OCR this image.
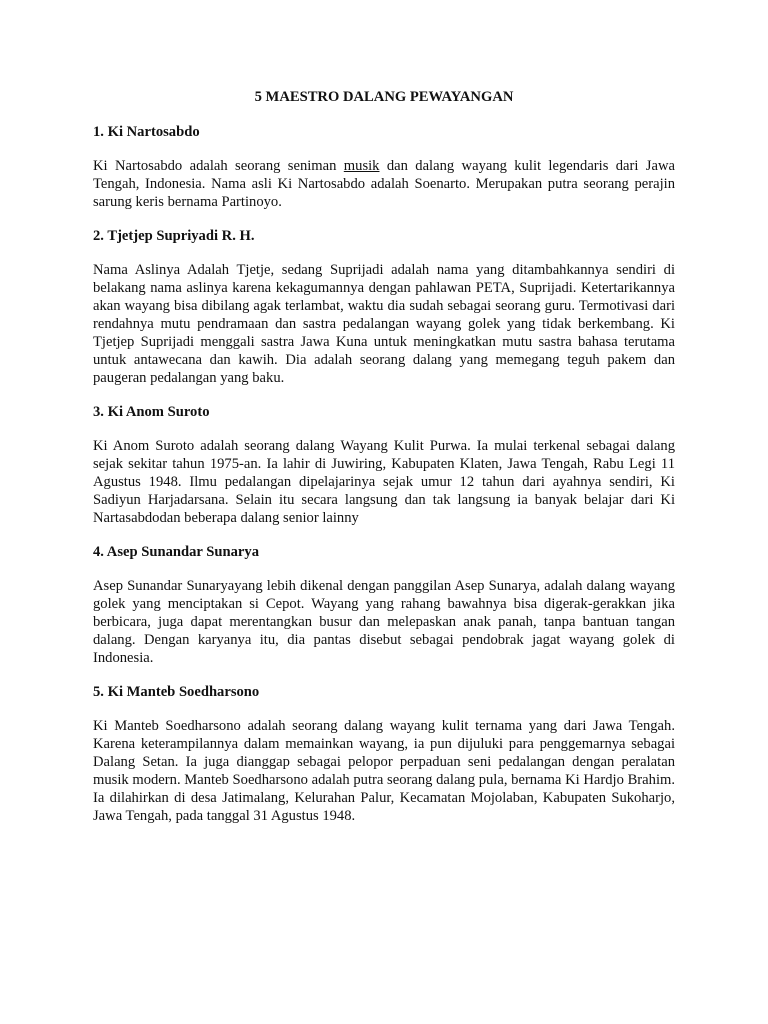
5 MAESTRO DALANG PEWAYANGAN
1. Ki Nartosabdo
Ki Nartosabdo adalah seorang seniman musik dan dalang wayang kulit legendaris dari Jawa Tengah, Indonesia. Nama asli Ki Nartosabdo adalah Soenarto. Merupakan putra seorang perajin sarung keris bernama Partinoyo.
2. Tjetjep Supriyadi R. H.
Nama Aslinya Adalah Tjetje, sedang Suprijadi adalah nama yang ditambahkannya sendiri di belakang nama aslinya karena kekagumannya dengan pahlawan PETA, Suprijadi. Ketertarikannya akan wayang bisa dibilang agak terlambat, waktu dia sudah sebagai seorang guru. Termotivasi dari rendahnya mutu pendramaan dan sastra pedalangan wayang golek yang tidak berkembang. Ki Tjetjep Suprijadi menggali sastra Jawa Kuna untuk meningkatkan mutu sastra bahasa terutama untuk antawecana dan kawih. Dia adalah seorang dalang yang memegang teguh pakem dan paugeran pedalangan yang baku.
3. Ki Anom Suroto
Ki Anom Suroto adalah seorang dalang Wayang Kulit Purwa. Ia mulai terkenal sebagai dalang sejak sekitar tahun 1975-an. Ia lahir di Juwiring, Kabupaten Klaten, Jawa Tengah, Rabu Legi 11 Agustus 1948. Ilmu pedalangan dipelajarinya sejak umur 12 tahun dari ayahnya sendiri, Ki Sadiyun Harjadarsana. Selain itu secara langsung dan tak langsung ia banyak belajar dari Ki Nartasabdodan beberapa dalang senior lainny
4. Asep Sunandar Sunarya
Asep Sunandar Sunaryayang lebih dikenal dengan panggilan Asep Sunarya, adalah dalang wayang golek yang menciptakan si Cepot. Wayang yang rahang bawahnya bisa digerak-gerakkan jika berbicara, juga dapat merentangkan busur dan melepaskan anak panah, tanpa bantuan tangan dalang. Dengan karyanya itu, dia pantas disebut sebagai pendobrak jagat wayang golek di Indonesia.
5. Ki Manteb Soedharsono
Ki Manteb Soedharsono adalah seorang dalang wayang kulit ternama yang dari Jawa Tengah. Karena keterampilannya dalam memainkan wayang, ia pun dijuluki para penggemarnya sebagai Dalang Setan. Ia juga dianggap sebagai pelopor perpaduan seni pedalangan dengan peralatan musik modern. Manteb Soedharsono adalah putra seorang dalang pula, bernama Ki Hardjo Brahim. Ia dilahirkan di desa Jatimalang, Kelurahan Palur, Kecamatan Mojolaban, Kabupaten Sukoharjo, Jawa Tengah, pada tanggal 31 Agustus 1948.
